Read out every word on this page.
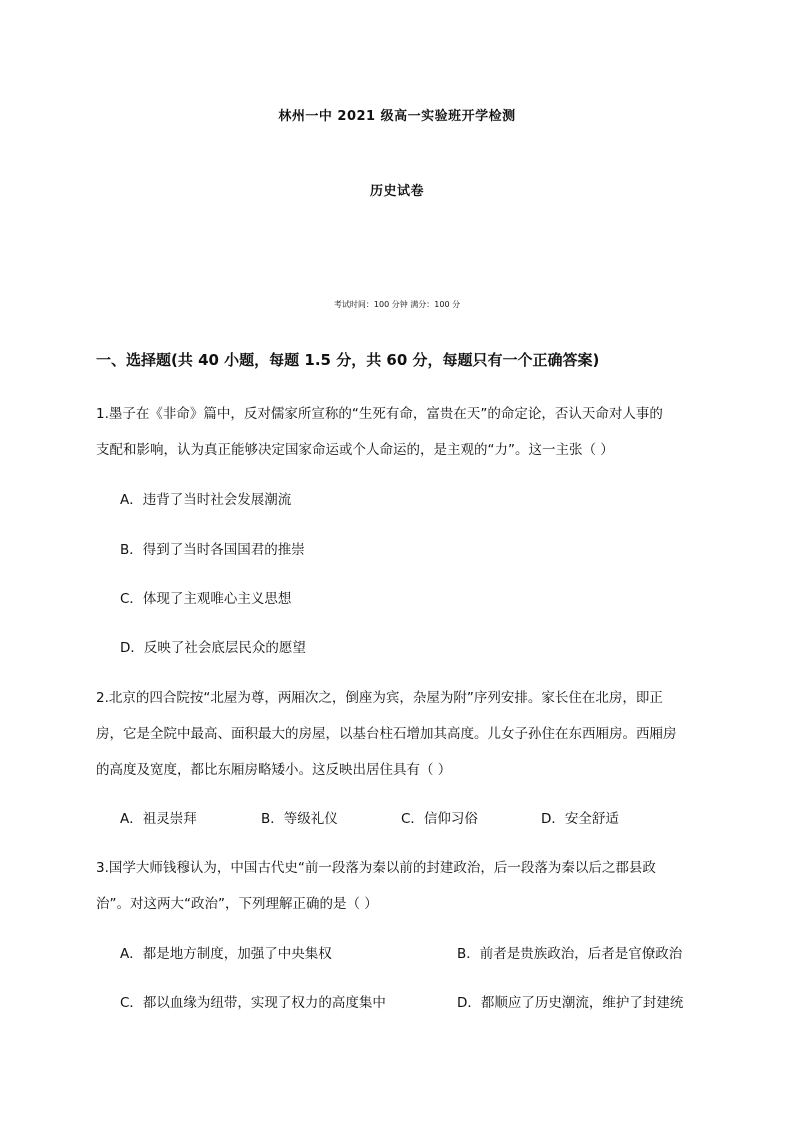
林州一中 2021 级高一实验班开学检测
历史试卷
考试时间：100 分钟 满分：100 分
一、选择题(共 40 小题，每题 1.5 分，共 60 分，每题只有一个正确答案)
1.墨子在《非命》篇中，反对儒家所宣称的“生死有命，富贵在天”的命定论，否认天命对人事的
支配和影响，认为真正能够决定国家命运或个人命运的，是主观的“力”。这一主张（ ）
A．违背了当时社会发展潮流
B．得到了当时各国国君的推崇
C．体现了主观唯心主义思想
D．反映了社会底层民众的愿望
2.北京的四合院按“北屋为尊，两厢次之，倒座为宾，杂屋为附”序列安排。家长住在北房，即正
房，它是全院中最高、面积最大的房屋，以基台柱石增加其高度。儿女子孙住在东西厢房。西厢房
的高度及宽度，都比东厢房略矮小。这反映出居住具有（ ）
A．祖灵崇拜	B．等级礼仪	C．信仰习俗	D．安全舒适
3.国学大师钱穆认为，中国古代史“前一段落为秦以前的封建政治，后一段落为秦以后之郡县政
治”。对这两大“政治”，下列理解正确的是（ ）
A．都是地方制度，加强了中央集权	B．前者是贵族政治，后者是官僚政治
C．都以血缘为纽带，实现了权力的高度集中	D．都顺应了历史潮流，维护了封建统
